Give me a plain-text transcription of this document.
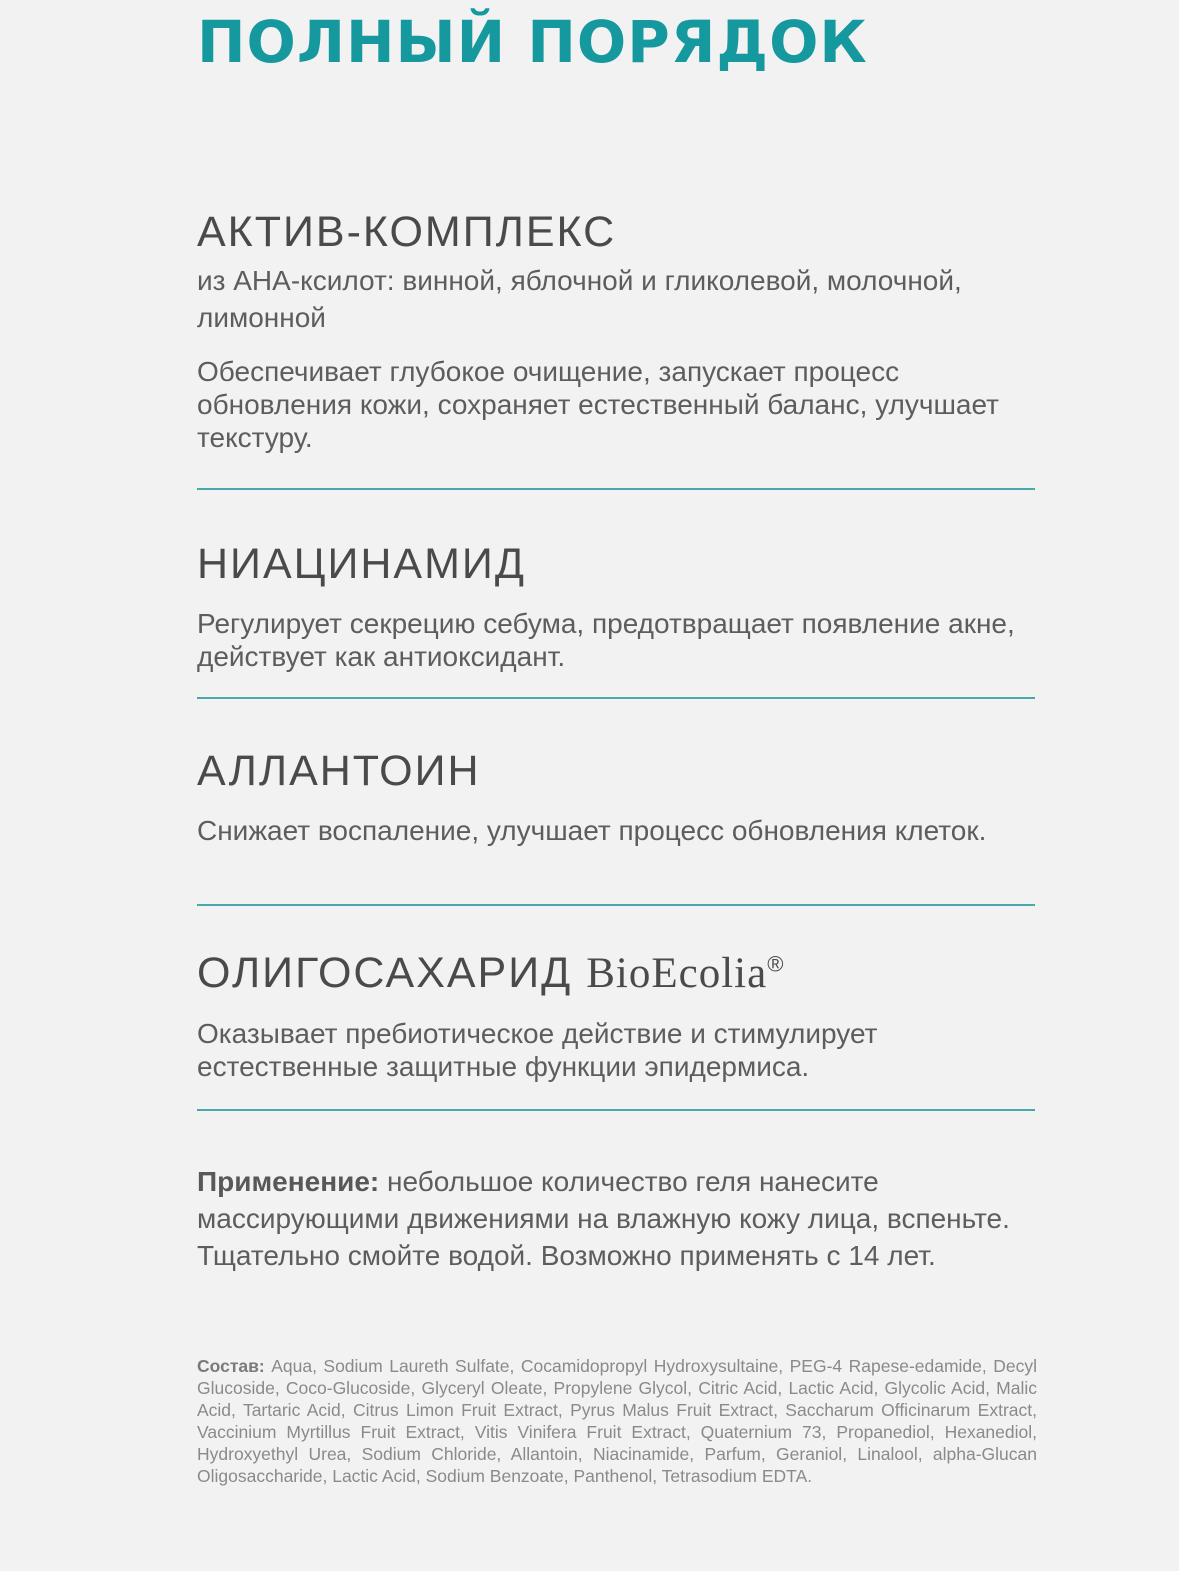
ПОЛНЫЙ ПОРЯДОК
АКТИВ-КОМПЛЕКС

из АНА-ксилот: винной, яблочной и гликолевой, молочной, лимонной

Обеспечивает глубокое очищение, запускает процесс обновления кожи, сохраняет естественный баланс, улучшает текстуру.

НИАЦИНАМИД

Регулирует секрецию себума, предотвращает появление акне, действует как антиоксидант.

АЛЛАНТОИН

Снижает воспаление, улучшает процесс обновления клеток.

ОЛИГОСАХАРИД BioEcolia®

Оказывает пребиотическое действие и стимулирует естественные защитные функции эпидермиса.

Применение: небольшое количество геля нанесите массирующими движениями на влажную кожу лица, вспеньте. Тщательно смойте водой. Возможно применять с 14 лет.

Состав: Aqua, Sodium Laureth Sulfate, Cocamidopropyl Hydroxysultaine, PEG-4 Rapese-edamide, Decyl Glucoside, Coco-Glucoside, Glyceryl Oleate, Propylene Glycol, Citric Acid, Lactic Acid, Glycolic Acid, Malic Acid, Tartaric Acid, Citrus Limon Fruit Extract, Pyrus Malus Fruit Extract, Saccharum Officinarum Extract, Vaccinium Myrtillus Fruit Extract, Vitis Vinifera Fruit Extract, Quaternium 73, Propanediol, Hexanediol, Hydroxyethyl Urea, Sodium Chloride, Allantoin, Niacinamide, Parfum, Geraniol, Linalool, alpha-Glucan Oligosaccharide, Lactic Acid, Sodium Benzoate, Panthenol, Tetrasodium EDTA.
